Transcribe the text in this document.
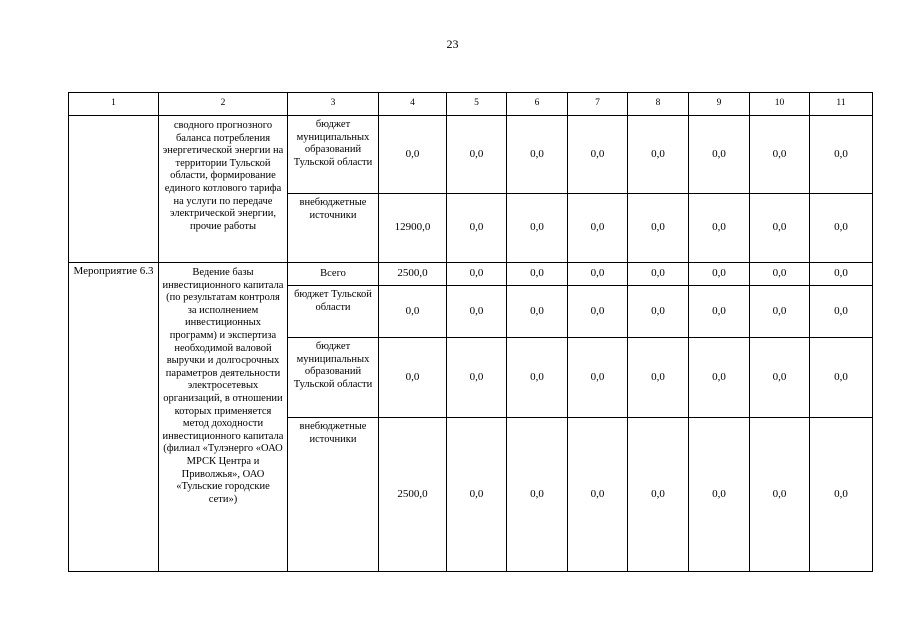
23
1	2	3	4	5	6	7	8	9	10	11
	сводного прогнозного баланса потребления энергетической энергии на территории Тульской области, формирование единого котлового тарифа на услуги по передаче электрической энергии, прочие работы	бюджет муниципальных образований Тульской области	0,0	0,0	0,0	0,0	0,0	0,0	0,0	0,0
		внебюджетные источники	12900,0	0,0	0,0	0,0	0,0	0,0	0,0	0,0
Мероприятие 6.3	Ведение базы инвестиционного капитала (по результатам контроля за исполнением инвестиционных программ) и экспертиза необходимой валовой выручки и долгосрочных параметров деятельности электросетевых организаций, в отношении которых применяется метод доходности инвестиционного капитала (филиал «Тулэнерго «ОАО МРСК Центра и Приволжья», ОАО «Тульские городские сети»)	Всего	2500,0	0,0	0,0	0,0	0,0	0,0	0,0	0,0
		бюджет Тульской области	0,0	0,0	0,0	0,0	0,0	0,0	0,0	0,0
		бюджет муниципальных образований Тульской области	0,0	0,0	0,0	0,0	0,0	0,0	0,0	0,0
		внебюджетные источники	2500,0	0,0	0,0	0,0	0,0	0,0	0,0	0,0
